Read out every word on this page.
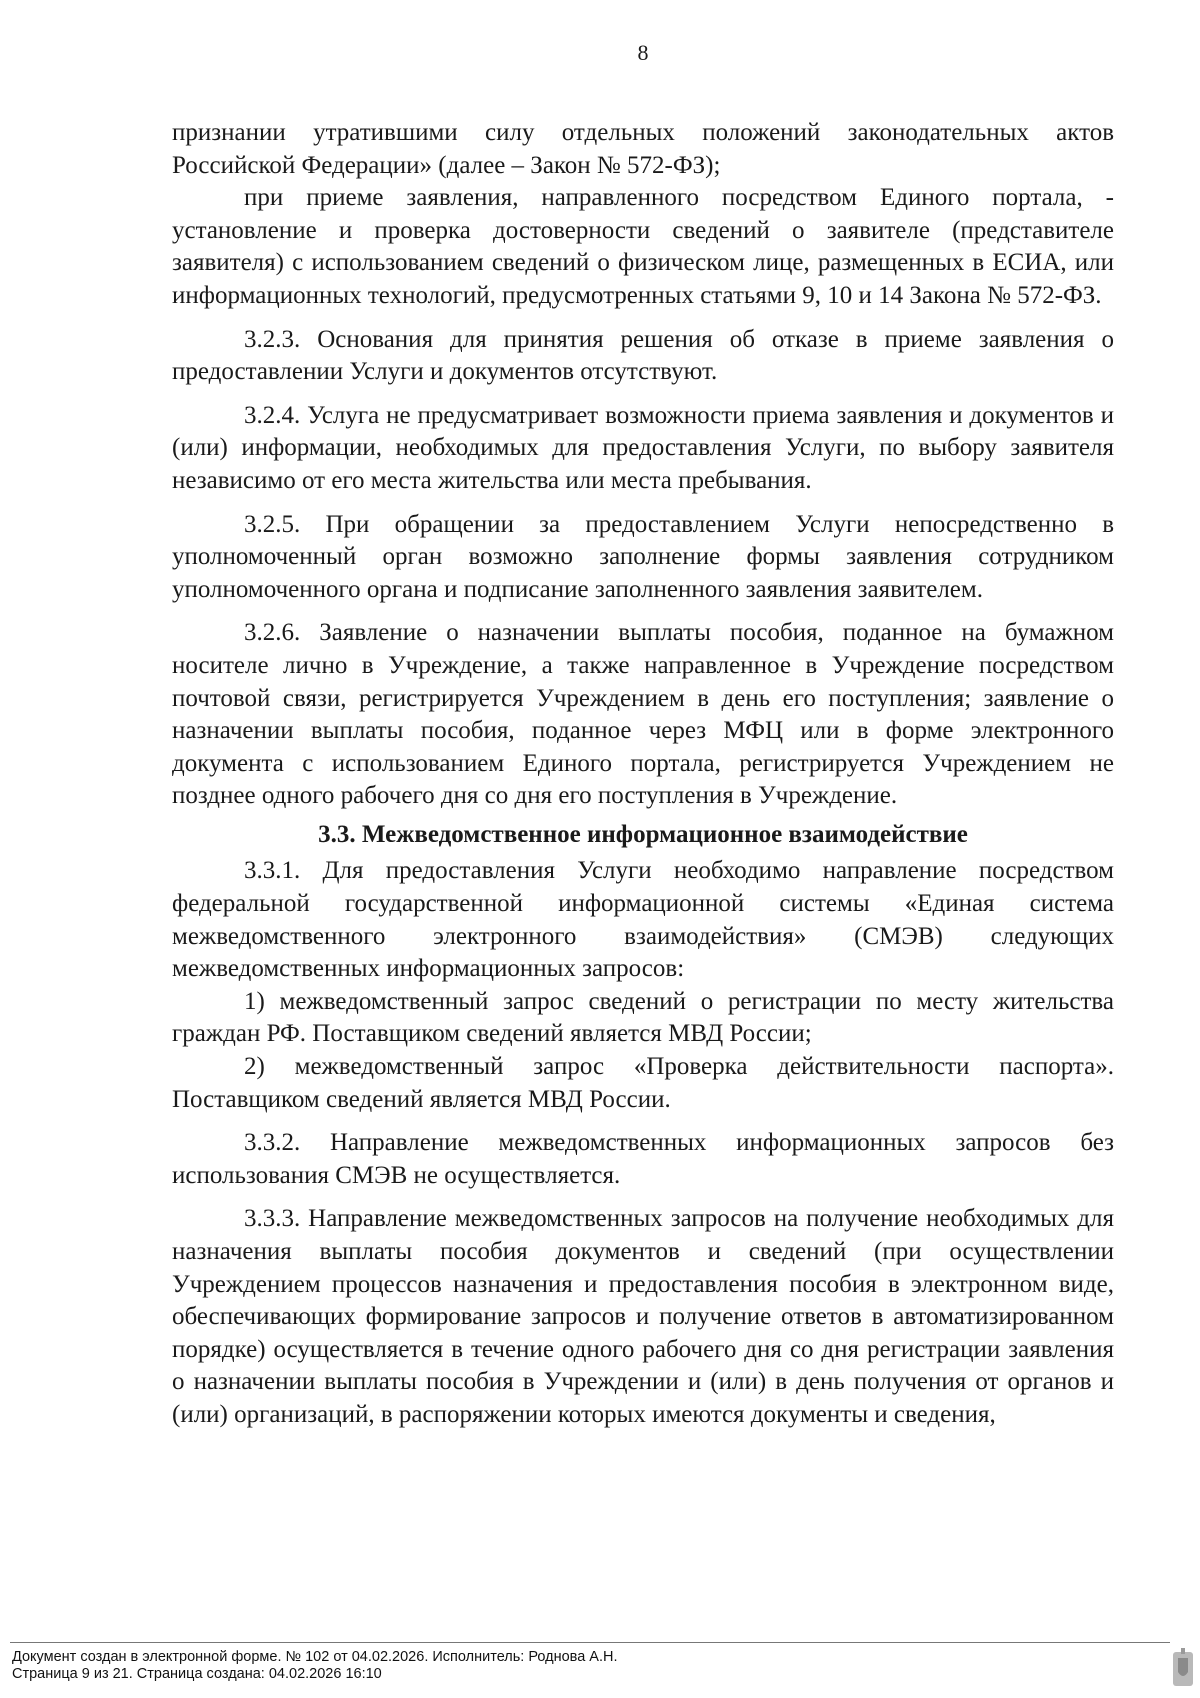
8

признании утратившими силу отдельных положений законодательных актов Российской Федерации» (далее – Закон № 572-ФЗ);

при приеме заявления, направленного посредством Единого портала, - установление и проверка достоверности сведений о заявителе (представителе заявителя) с использованием сведений о физическом лице, размещенных в ЕСИА, или информационных технологий, предусмотренных статьями 9, 10 и 14 Закона № 572-ФЗ.

3.2.3. Основания для принятия решения об отказе в приеме заявления о предоставлении Услуги и документов отсутствуют.

3.2.4. Услуга не предусматривает возможности приема заявления и документов и (или) информации, необходимых для предоставления Услуги, по выбору заявителя независимо от его места жительства или места пребывания.

3.2.5. При обращении за предоставлением Услуги непосредственно в уполномоченный орган возможно заполнение формы заявления сотрудником уполномоченного органа и подписание заполненного заявления заявителем.

3.2.6. Заявление о назначении выплаты пособия, поданное на бумажном носителе лично в Учреждение, а также направленное в Учреждение посредством почтовой связи, регистрируется Учреждением в день его поступления; заявление о назначении выплаты пособия, поданное через МФЦ или в форме электронного документа с использованием Единого портала, регистрируется Учреждением не позднее одного рабочего дня со дня его поступления в Учреждение.

3.3. Межведомственное информационное взаимодействие

3.3.1. Для предоставления Услуги необходимо направление посредством федеральной государственной информационной системы «Единая система межведомственного электронного взаимодействия» (СМЭВ) следующих межведомственных информационных запросов:

1) межведомственный запрос сведений о регистрации по месту жительства граждан РФ. Поставщиком сведений является МВД России;

2) межведомственный запрос «Проверка действительности паспорта». Поставщиком сведений является МВД России.

3.3.2. Направление межведомственных информационных запросов без использования СМЭВ не осуществляется.

3.3.3. Направление межведомственных запросов на получение необходимых для назначения выплаты пособия документов и сведений (при осуществлении Учреждением процессов назначения и предоставления пособия в электронном виде, обеспечивающих формирование запросов и получение ответов в автоматизированном порядке) осуществляется в течение одного рабочего дня со дня регистрации заявления о назначении выплаты пособия в Учреждении и (или) в день получения от органов и (или) организаций, в распоряжении которых имеются документы и сведения,

Документ создан в электронной форме. № 102 от 04.02.2026. Исполнитель: Роднова А.Н.
Страница 9 из 21. Страница создана: 04.02.2026 16:10
